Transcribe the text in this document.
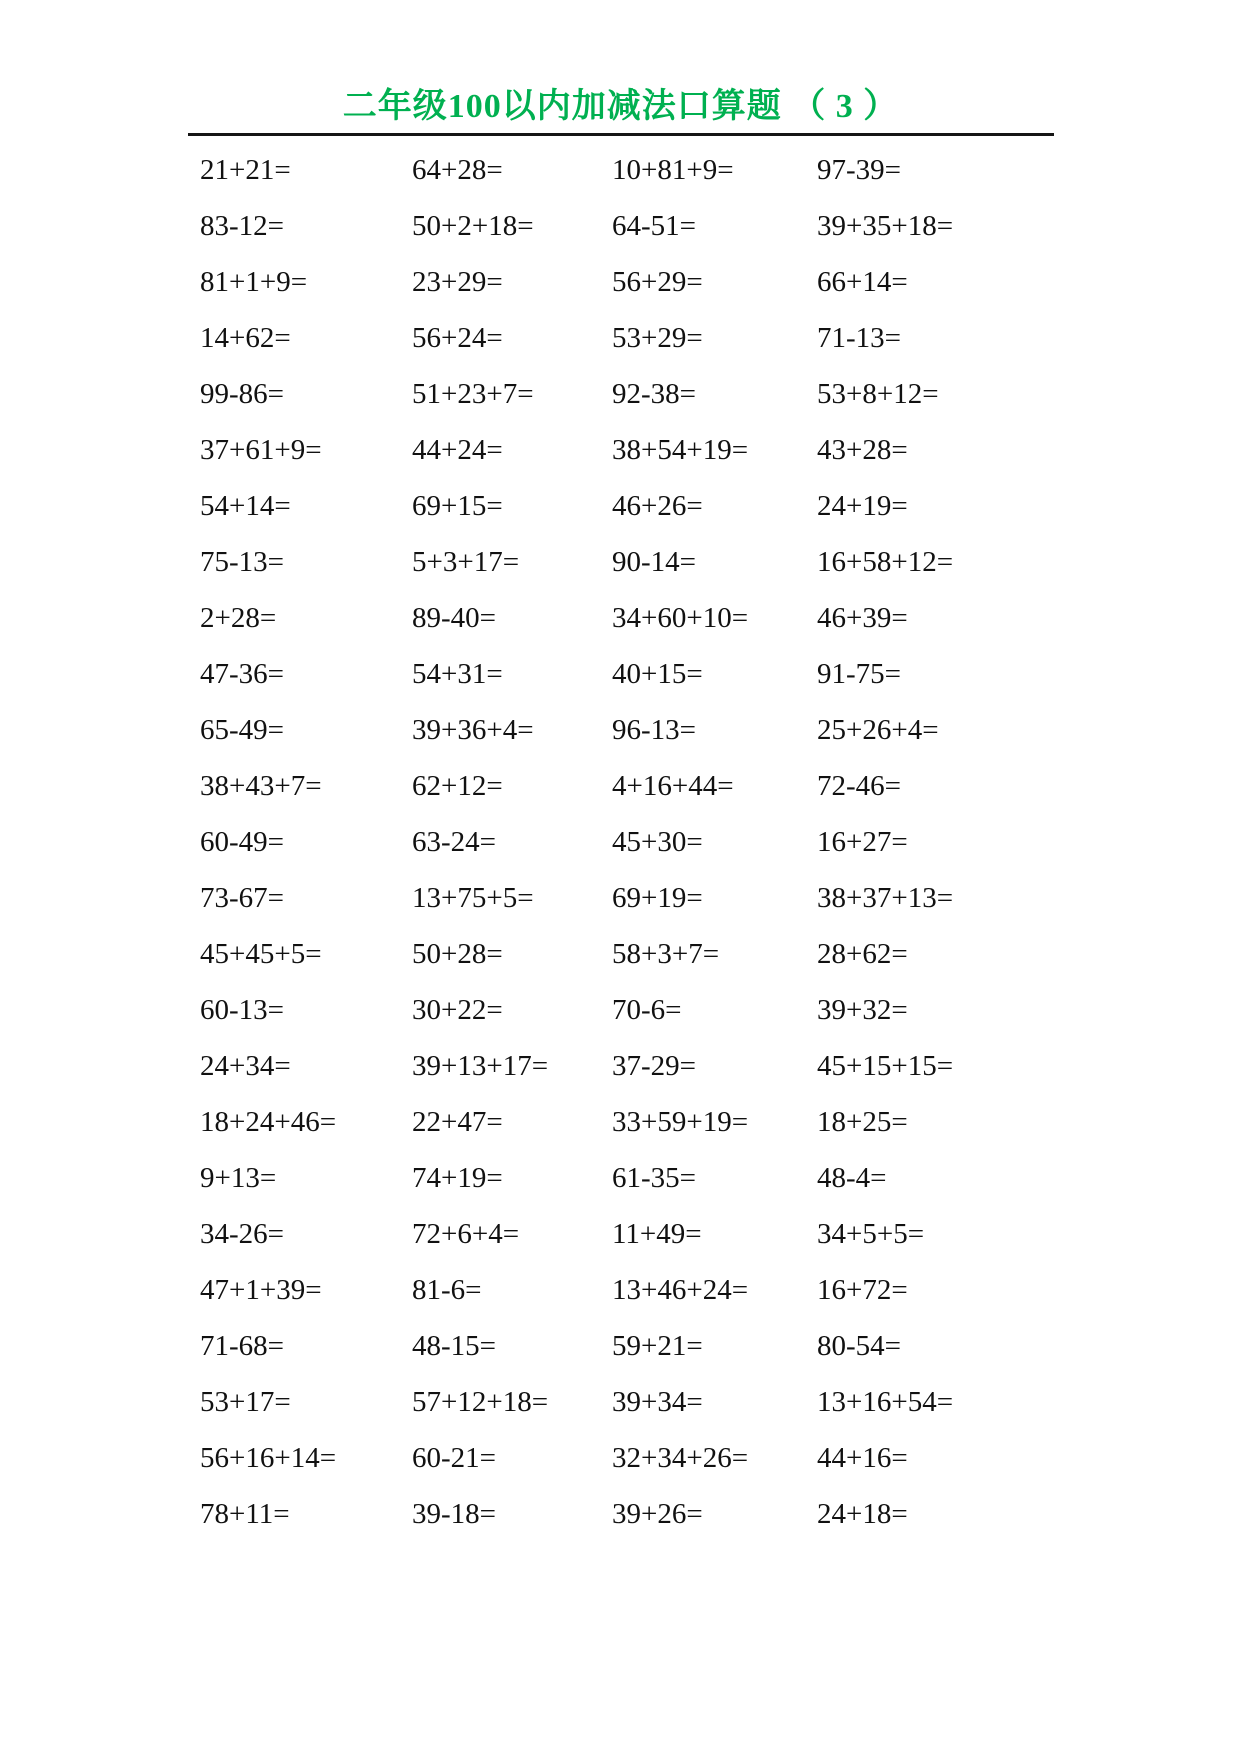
二年级100以内加减法口算题 （ 3 ）
21+21=	64+28=	10+81+9=	97-39=
83-12=	50+2+18=	64-51=	39+35+18=
81+1+9=	23+29=	56+29=	66+14=
14+62=	56+24=	53+29=	71-13=
99-86=	51+23+7=	92-38=	53+8+12=
37+61+9=	44+24=	38+54+19=	43+28=
54+14=	69+15=	46+26=	24+19=
75-13=	5+3+17=	90-14=	16+58+12=
2+28=	89-40=	34+60+10=	46+39=
47-36=	54+31=	40+15=	91-75=
65-49=	39+36+4=	96-13=	25+26+4=
38+43+7=	62+12=	4+16+44=	72-46=
60-49=	63-24=	45+30=	16+27=
73-67=	13+75+5=	69+19=	38+37+13=
45+45+5=	50+28=	58+3+7=	28+62=
60-13=	30+22=	70-6=	39+32=
24+34=	39+13+17=	37-29=	45+15+15=
18+24+46=	22+47=	33+59+19=	18+25=
9+13=	74+19=	61-35=	48-4=
34-26=	72+6+4=	11+49=	34+5+5=
47+1+39=	81-6=	13+46+24=	16+72=
71-68=	48-15=	59+21=	80-54=
53+17=	57+12+18=	39+34=	13+16+54=
56+16+14=	60-21=	32+34+26=	44+16=
78+11=	39-18=	39+26=	24+18=
